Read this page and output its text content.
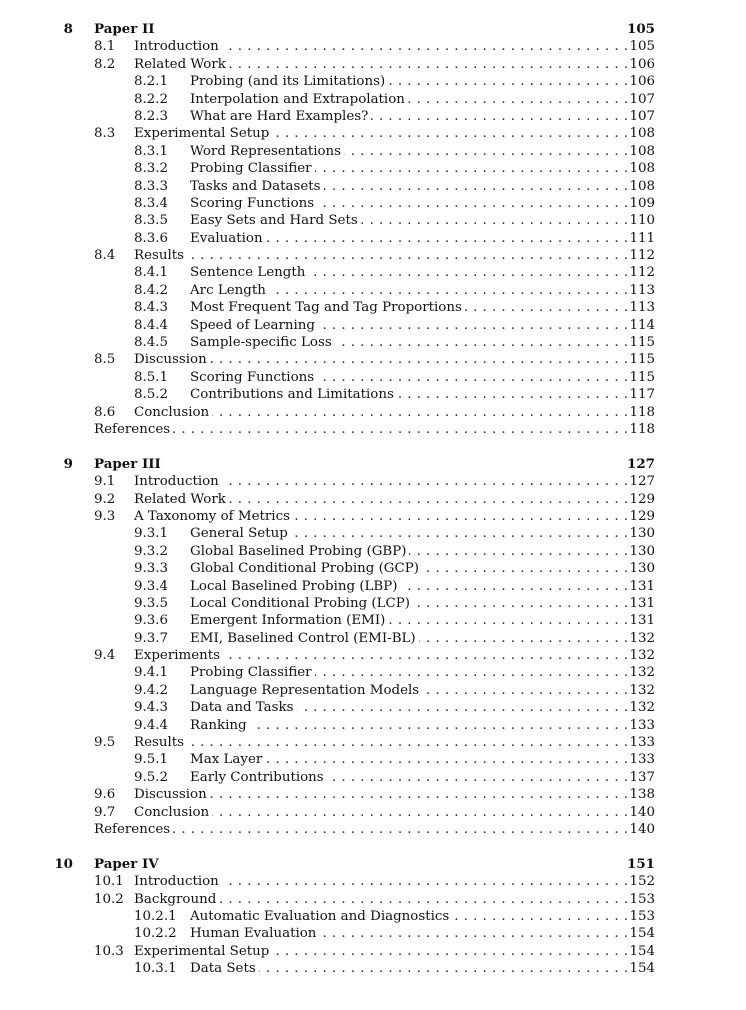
8 Paper II	105
8.1 . . . Introduction	105
8.2 . . . Related Work	106
8.2.1 . . . Probing (and its Limitations)	106
8.2.2 . . . Interpolation and Extrapolation	107
8.2.3 . . . What are Hard Examples?	107
8.3 . . . Experimental Setup	108
8.3.1 . . . Word Representations	108
8.3.2 . . . Probing Classifier	108
8.3.3 . . . Tasks and Datasets	108
8.3.4 . . . Scoring Functions	109
8.3.5 . . . Easy Sets and Hard Sets	110
8.3.6 . . . Evaluation	111
8.4 . . . Results	112
8.4.1 . . . Sentence Length	112
8.4.2 . . . Arc Length	113
8.4.3 . . . Most Frequent Tag and Tag Proportions	113
8.4.4 . . . Speed of Learning	114
8.4.5 . . . Sample-specific Loss	115
8.5 . . . Discussion	115
8.5.1 . . . Scoring Functions	115
8.5.2 . . . Contributions and Limitations	117
8.6 . . . Conclusion	118
. . .
References	118
9 Paper III	127
9.1 . . . Introduction	127
9.2 . . . Related Work	129
9.3 . . . A Taxonomy of Metrics	129
9.3.1 . . . General Setup	130
9.3.2 . . . Global Baselined Probing (GBP)	130
9.3.3 . . . Global Conditional Probing (GCP)	130
9.3.4 . . . Local Baselined Probing (LBP)	131
9.3.5 . . . Local Conditional Probing (LCP)	131
9.3.6 . . . Emergent Information (EMI)	131
9.3.7 . . . EMI, Baselined Control (EMI-BL)	132
9.4 . . . Experiments	132
9.4.1 . . . Probing Classifier	132
9.4.2 . . . Language Representation Models	132
9.4.3 . . . Data and Tasks	132
9.4.4 . . . Ranking	133
9.5 . . . Results	133
9.5.1 . . . Max Layer	133
9.5.2 . . . Early Contributions	137
9.6 . . . Discussion	138
9.7 . . . Conclusion	140
. . .
References	140
10 Paper IV	151
10.1 . . . Introduction	152
10.2 . . . Background	153
10.2.1 . . . Automatic Evaluation and Diagnostics	153
10.2.2 . . . Human Evaluation	154
10.3 . . . Experimental Setup	154
10.3.1 . . . Data Sets	154
